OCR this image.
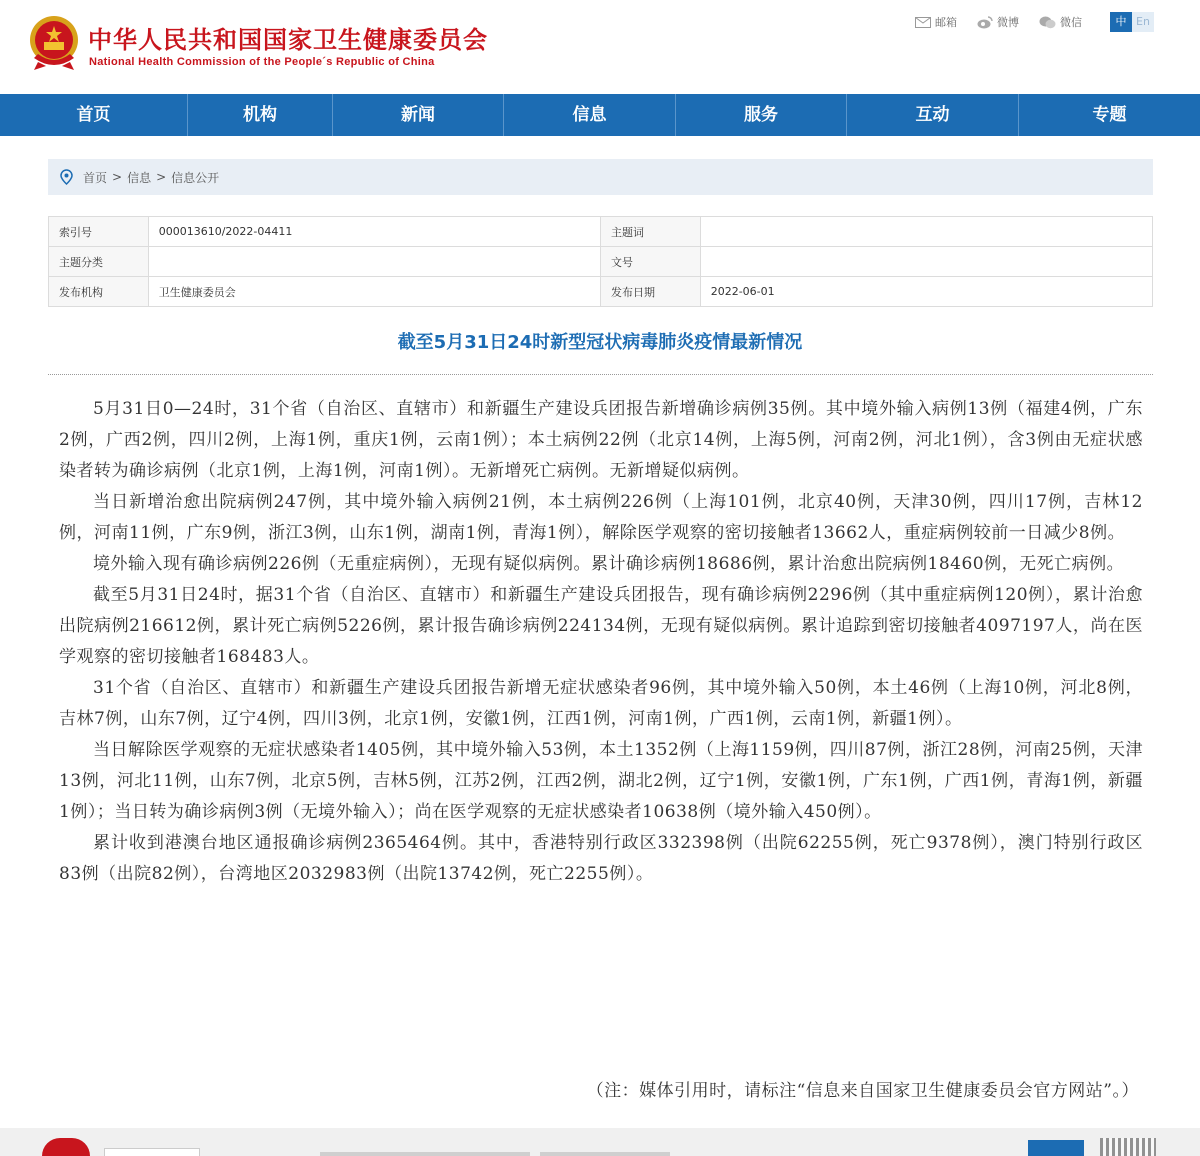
中华人民共和国国家卫生健康委员会
National Health Commission of the People´s Republic of China
邮箱	微博	微信	中 En
首页	机构	新闻	信息	服务	互动	专题
首页 > 信息 > 信息公开
索引号	000013610/2022-04411	主题词	
主题分类		文号	
发布机构	卫生健康委员会	发布日期	2022-06-01
截至5月31日24时新型冠状病毒肺炎疫情最新情况

5月31日0—24时，31个省（自治区、直辖市）和新疆生产建设兵团报告新增确诊病例35例。其中境外输入病例13例（福建4例，广东2例，广西2例，四川2例，上海1例，重庆1例，云南1例）；本土病例22例（北京14例，上海5例，河南2例，河北1例），含3例由无症状感染者转为确诊病例（北京1例，上海1例，河南1例）。无新增死亡病例。无新增疑似病例。

当日新增治愈出院病例247例，其中境外输入病例21例，本土病例226例（上海101例，北京40例，天津30例，四川17例，吉林12例，河南11例，广东9例，浙江3例，山东1例，湖南1例，青海1例），解除医学观察的密切接触者13662人，重症病例较前一日减少8例。

境外输入现有确诊病例226例（无重症病例），无现有疑似病例。累计确诊病例18686例，累计治愈出院病例18460例，无死亡病例。

截至5月31日24时，据31个省（自治区、直辖市）和新疆生产建设兵团报告，现有确诊病例2296例（其中重症病例120例），累计治愈出院病例216612例，累计死亡病例5226例，累计报告确诊病例224134例，无现有疑似病例。累计追踪到密切接触者4097197人，尚在医学观察的密切接触者168483人。

31个省（自治区、直辖市）和新疆生产建设兵团报告新增无症状感染者96例，其中境外输入50例，本土46例（上海10例，河北8例，吉林7例，山东7例，辽宁4例，四川3例，北京1例，安徽1例，江西1例，河南1例，广西1例，云南1例，新疆1例）。

当日解除医学观察的无症状感染者1405例，其中境外输入53例，本土1352例（上海1159例，四川87例，浙江28例，河南25例，天津13例，河北11例，山东7例，北京5例，吉林5例，江苏2例，江西2例，湖北2例，辽宁1例，安徽1例，广东1例，广西1例，青海1例，新疆1例）；当日转为确诊病例3例（无境外输入）；尚在医学观察的无症状感染者10638例（境外输入450例）。

累计收到港澳台地区通报确诊病例2365464例。其中，香港特别行政区332398例（出院62255例，死亡9378例），澳门特别行政区83例（出院82例），台湾地区2032983例（出院13742例，死亡2255例）。

（注：媒体引用时，请标注“信息来自国家卫生健康委员会官方网站”。）
